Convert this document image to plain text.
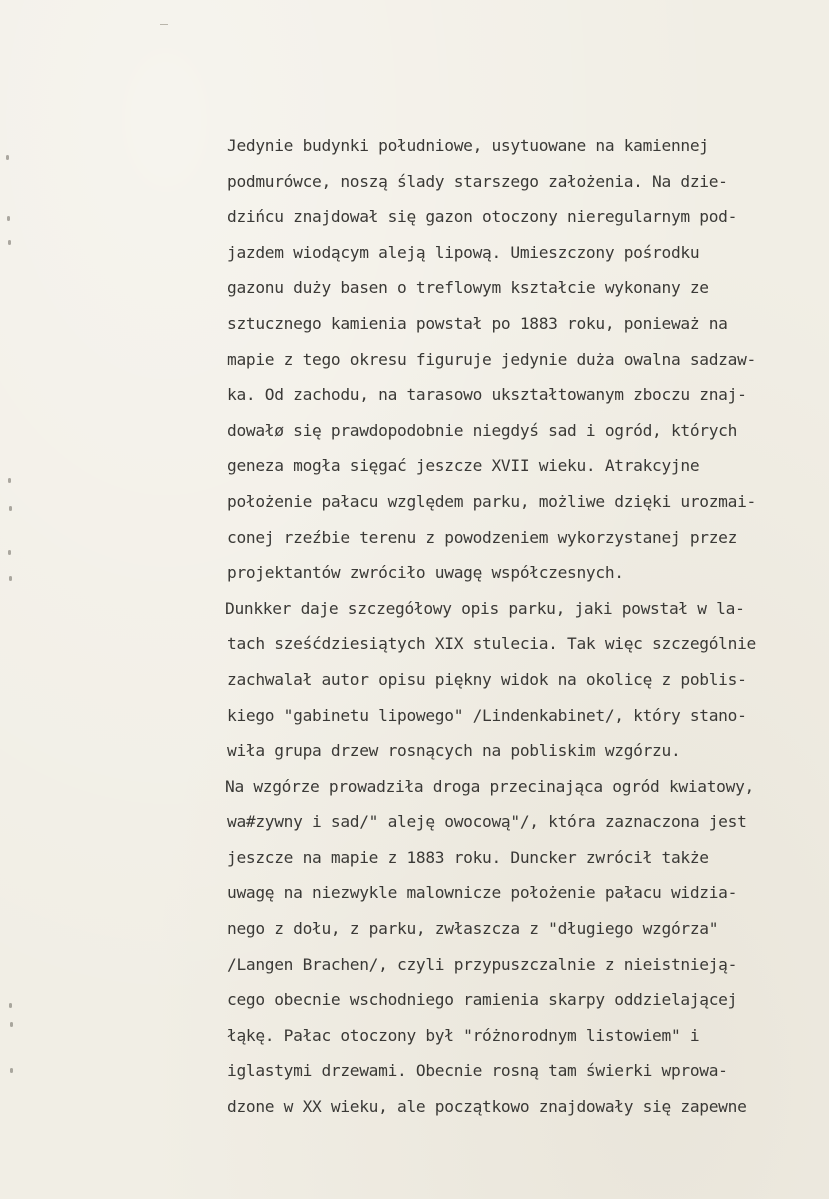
Jedynie budynki południowe, usytuowane na kamiennej
podmurówce, noszą ślady starszego założenia. Na dzie-
dzińcu znajdował się gazon otoczony nieregularnym pod-
jazdem wiodącym aleją lipową. Umieszczony pośrodku
gazonu duży basen o treflowym kształcie wykonany ze
sztucznego kamienia powstał po 1883 roku, ponieważ na
mapie z tego okresu figuruje jedynie duża owalna sadzaw-
ka. Od zachodu, na tarasowo ukształtowanym zboczu znaj-
dowałø się prawdopodobnie niegdyś sad i ogród, których
geneza mogła sięgać jeszcze XVII wieku. Atrakcyjne
położenie pałacu względem parku, możliwe dzięki urozmai-
conej rzeźbie terenu z powodzeniem wykorzystanej przez
projektantów zwróciło uwagę współczesnych.
Dunkker daje szczegółowy opis parku, jaki powstał w la-
tach sześćdziesiątych XIX stulecia. Tak więc szczególnie
zachwalał autor opisu piękny widok na okolicę z poblis-
kiego "gabinetu lipowego" /Lindenkabinet/, który stano-
wiła grupa drzew rosnących na pobliskim wzgórzu.
Na wzgórze prowadziła droga przecinająca ogród kwiatowy,
wa#zywny i sad/" aleję owocową"/, która zaznaczona jest
jeszcze na mapie z 1883 roku. Duncker zwrócił także
uwagę na niezwykle malownicze położenie pałacu widzia-
nego z dołu, z parku, zwłaszcza z "długiego wzgórza"
/Langen Brachen/, czyli przypuszczalnie z nieistnieją-
cego obecnie wschodniego ramienia skarpy oddzielającej
łąkę. Pałac otoczony był "różnorodnym listowiem" i
iglastymi drzewami. Obecnie rosną tam świerki wprowa-
dzone w XX wieku, ale początkowo znajdowały się zapewne
